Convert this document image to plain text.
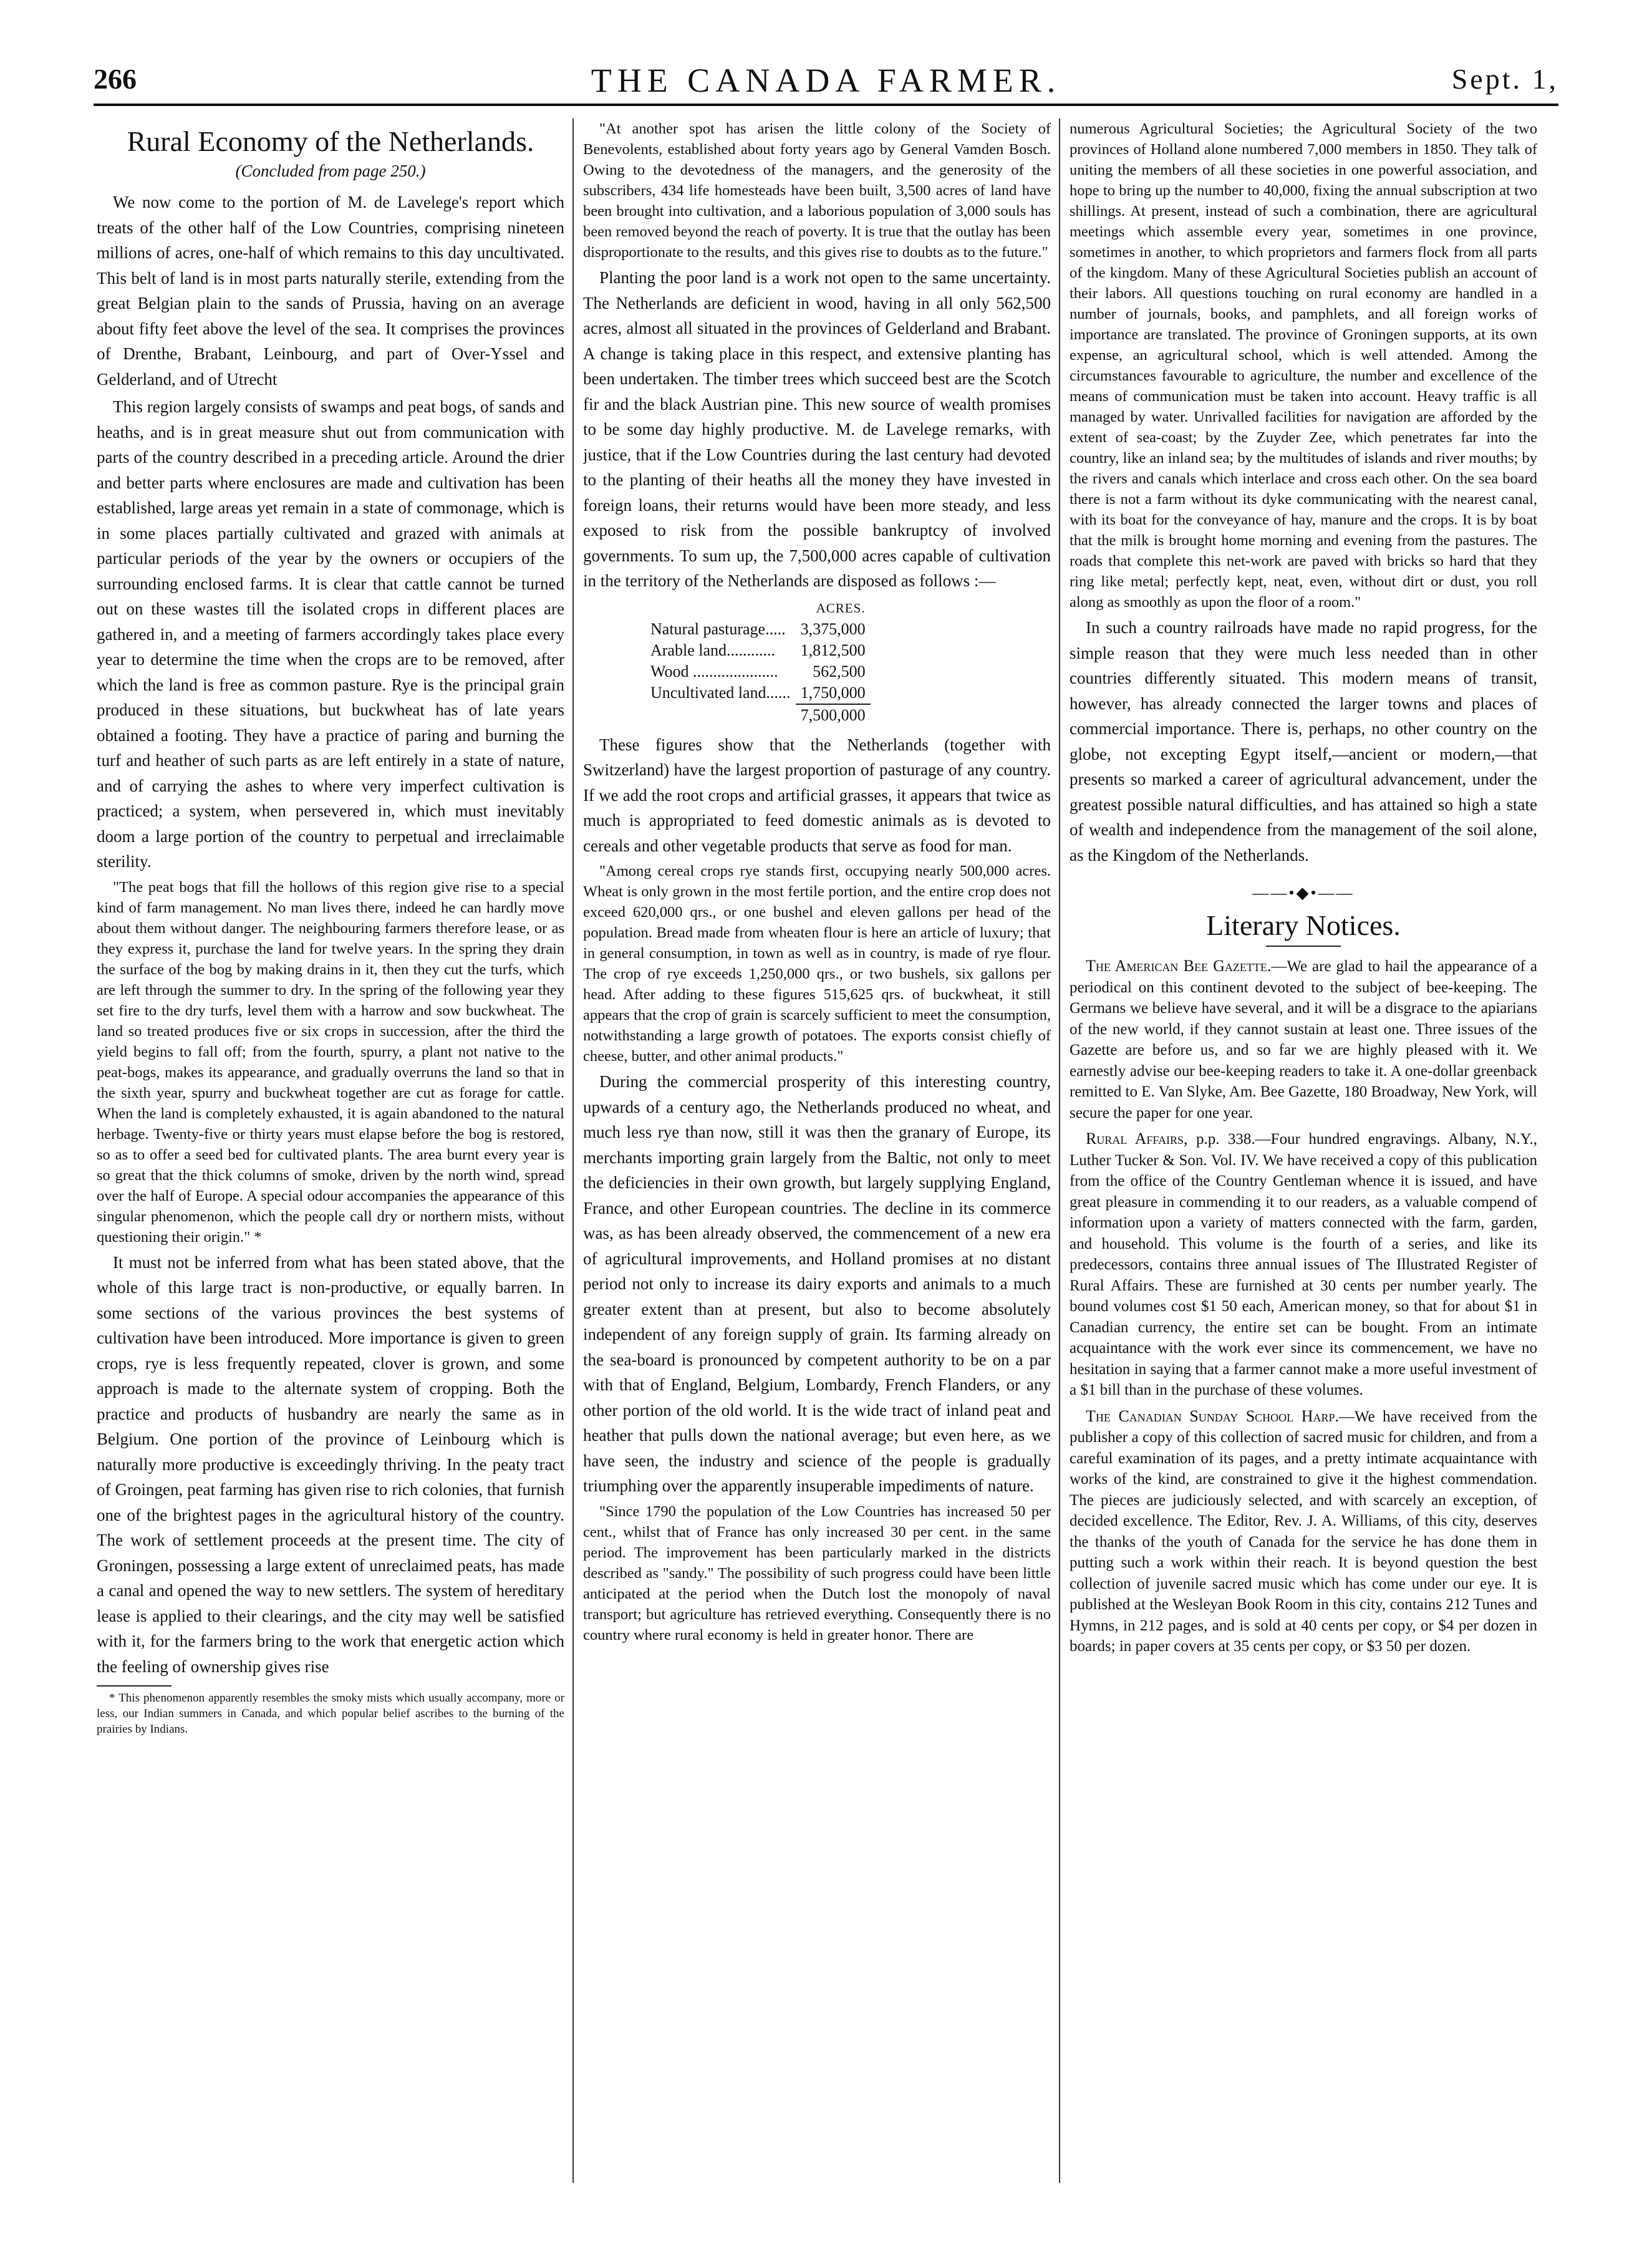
266	THE CANADA FARMER.	Sept. 1,
Rural Economy of the Netherlands.
(Concluded from page 250.)

We now come to the portion of M. de Lavelege's report which treats of the other half of the Low Countries, comprising nineteen millions of acres, one-half of which remains to this day uncultivated. This belt of land is in most parts naturally sterile, extending from the great Belgian plain to the sands of Prussia, having on an average about fifty feet above the level of the sea. It comprises the provinces of Drenthe, Brabant, Leinbourg, and part of Over-Yssel and Gelderland, and of Utrecht

This region largely consists of swamps and peat bogs, of sands and heaths, and is in great measure shut out from communication with parts of the country described in a preceding article. Around the drier and better parts where enclosures are made and cultivation has been established, large areas yet remain in a state of commonage, which is in some places partially cultivated and grazed with animals at particular periods of the year by the owners or occupiers of the surrounding enclosed farms. It is clear that cattle cannot be turned out on these wastes till the isolated crops in different places are gathered in, and a meeting of farmers accordingly takes place every year to determine the time when the crops are to be removed, after which the land is free as common pasture. Rye is the principal grain produced in these situations, but buckwheat has of late years obtained a footing. They have a practice of paring and burning the turf and heather of such parts as are left entirely in a state of nature, and of carrying the ashes to where very imperfect cultivation is practiced; a system, when persevered in, which must inevitably doom a large portion of the country to perpetual and irreclaimable sterility.

"The peat bogs that fill the hollows of this region give rise to a special kind of farm management. No man lives there, indeed he can hardly move about them without danger. The neighbouring farmers therefore lease, or as they express it, purchase the land for twelve years. In the spring they drain the surface of the bog by making drains in it, then they cut the turfs, which are left through the summer to dry. In the spring of the following year they set fire to the dry turfs, level them with a harrow and sow buckwheat. The land so treated produces five or six crops in succession, after the third the yield begins to fall off; from the fourth, spurry, a plant not native to the peat-bogs, makes its appearance, and gradually overruns the land so that in the sixth year, spurry and buckwheat together are cut as forage for cattle. When the land is completely exhausted, it is again abandoned to the natural herbage. Twenty-five or thirty years must elapse before the bog is restored, so as to offer a seed bed for cultivated plants. The area burnt every year is so great that the thick columns of smoke, driven by the north wind, spread over the half of Europe. A special odour accompanies the appearance of this singular phenomenon, which the people call dry or northern mists, without questioning their origin." *

It must not be inferred from what has been stated above, that the whole of this large tract is non-productive, or equally barren. In some sections of the various provinces the best systems of cultivation have been introduced. More importance is given to green crops, rye is less frequently repeated, clover is grown, and some approach is made to the alternate system of cropping. Both the practice and products of husbandry are nearly the same as in Belgium. One portion of the province of Leinbourg which is naturally more productive is exceedingly thriving. In the peaty tract of Groingen, peat farming has given rise to rich colonies, that furnish one of the brightest pages in the agricultural history of the country. The work of settlement proceeds at the present time. The city of Groningen, possessing a large extent of unreclaimed peats, has made a canal and opened the way to new settlers. The system of hereditary lease is applied to their clearings, and the city may well be satisfied with it, for the farmers bring to the work that energetic action which the feeling of ownership gives rise

* This phenomenon apparently resembles the smoky mists which usually accompany, more or less, our Indian summers in Canada, and which popular belief ascribes to the burning of the prairies by Indians.

"At another spot has arisen the little colony of the Society of Benevolents, established about forty years ago by General Vamden Bosch. Owing to the devotedness of the managers, and the generosity of the subscribers, 434 life homesteads have been built, 3,500 acres of land have been brought into cultivation, and a laborious population of 3,000 souls has been removed beyond the reach of poverty. It is true that the outlay has been disproportionate to the results, and this gives rise to doubts as to the future."

Planting the poor land is a work not open to the same uncertainty. The Netherlands are deficient in wood, having in all only 562,500 acres, almost all situated in the provinces of Gelderland and Brabant. A change is taking place in this respect, and extensive planting has been undertaken. The timber trees which succeed best are the Scotch fir and the black Austrian pine. This new source of wealth promises to be some day highly productive. M. de Lavelege remarks, with justice, that if the Low Countries during the last century had devoted to the planting of their heaths all the money they have invested in foreign loans, their returns would have been more steady, and less exposed to risk from the possible bankruptcy of involved governments. To sum up, the 7,500,000 acres capable of cultivation in the territory of the Netherlands are disposed as follows :—

	ACRES.
Natural pasturage.....	3,375,000
Arable land............	1,812,500
Wood .....................	562,500
Uncultivated land......	1,750,000
	7,500,000

These figures show that the Netherlands (together with Switzerland) have the largest proportion of pasturage of any country. If we add the root crops and artificial grasses, it appears that twice as much is appropriated to feed domestic animals as is devoted to cereals and other vegetable products that serve as food for man.

"Among cereal crops rye stands first, occupying nearly 500,000 acres. Wheat is only grown in the most fertile portion, and the entire crop does not exceed 620,000 qrs., or one bushel and eleven gallons per head of the population. Bread made from wheaten flour is here an article of luxury; that in general consumption, in town as well as in country, is made of rye flour. The crop of rye exceeds 1,250,000 qrs., or two bushels, six gallons per head. After adding to these figures 515,625 qrs. of buckwheat, it still appears that the crop of grain is scarcely sufficient to meet the consumption, notwithstanding a large growth of potatoes. The exports consist chiefly of cheese, butter, and other animal products."

During the commercial prosperity of this interesting country, upwards of a century ago, the Netherlands produced no wheat, and much less rye than now, still it was then the granary of Europe, its merchants importing grain largely from the Baltic, not only to meet the deficiencies in their own growth, but largely supplying England, France, and other European countries. The decline in its commerce was, as has been already observed, the commencement of a new era of agricultural improvements, and Holland promises at no distant period not only to increase its dairy exports and animals to a much greater extent than at present, but also to become absolutely independent of any foreign supply of grain. Its farming already on the sea-board is pronounced by competent authority to be on a par with that of England, Belgium, Lombardy, French Flanders, or any other portion of the old world. It is the wide tract of inland peat and heather that pulls down the national average; but even here, as we have seen, the industry and science of the people is gradually triumphing over the apparently insuperable impediments of nature.

"Since 1790 the population of the Low Countries has increased 50 per cent., whilst that of France has only increased 30 per cent. in the same period. The improvement has been particularly marked in the districts described as "sandy." The possibility of such progress could have been little anticipated at the period when the Dutch lost the monopoly of naval transport; but agriculture has retrieved everything. Consequently there is no country where rural economy is held in greater honor. There are

numerous Agricultural Societies; the Agricultural Society of the two provinces of Holland alone numbered 7,000 members in 1850. They talk of uniting the members of all these societies in one powerful association, and hope to bring up the number to 40,000, fixing the annual subscription at two shillings. At present, instead of such a combination, there are agricultural meetings which assemble every year, sometimes in one province, sometimes in another, to which proprietors and farmers flock from all parts of the kingdom. Many of these Agricultural Societies publish an account of their labors. All questions touching on rural economy are handled in a number of journals, books, and pamphlets, and all foreign works of importance are translated. The province of Groningen supports, at its own expense, an agricultural school, which is well attended. Among the circumstances favourable to agriculture, the number and excellence of the means of communication must be taken into account. Heavy traffic is all managed by water. Unrivalled facilities for navigation are afforded by the extent of sea-coast; by the Zuyder Zee, which penetrates far into the country, like an inland sea; by the multitudes of islands and river mouths; by the rivers and canals which interlace and cross each other. On the sea board there is not a farm without its dyke communicating with the nearest canal, with its boat for the conveyance of hay, manure and the crops. It is by boat that the milk is brought home morning and evening from the pastures. The roads that complete this net-work are paved with bricks so hard that they ring like metal; perfectly kept, neat, even, without dirt or dust, you roll along as smoothly as upon the floor of a room."

In such a country railroads have made no rapid progress, for the simple reason that they were much less needed than in other countries differently situated. This modern means of transit, however, has already connected the larger towns and places of commercial importance. There is, perhaps, no other country on the globe, not excepting Egypt itself,—ancient or modern,—that presents so marked a career of agricultural advancement, under the greatest possible natural difficulties, and has attained so high a state of wealth and independence from the management of the soil alone, as the Kingdom of the Netherlands.

——•◆•——
Literary Notices.

The American Bee Gazette.—We are glad to hail the appearance of a periodical on this continent devoted to the subject of bee-keeping. The Germans we believe have several, and it will be a disgrace to the apiarians of the new world, if they cannot sustain at least one. Three issues of the Gazette are before us, and so far we are highly pleased with it. We earnestly advise our bee-keeping readers to take it. A one-dollar greenback remitted to E. Van Slyke, Am. Bee Gazette, 180 Broadway, New York, will secure the paper for one year.

Rural Affairs, p.p. 338.—Four hundred engravings. Albany, N.Y., Luther Tucker & Son. Vol. IV. We have received a copy of this publication from the office of the Country Gentleman whence it is issued, and have great pleasure in commending it to our readers, as a valuable compend of information upon a variety of matters connected with the farm, garden, and household. This volume is the fourth of a series, and like its predecessors, contains three annual issues of The Illustrated Register of Rural Affairs. These are furnished at 30 cents per number yearly. The bound volumes cost $1 50 each, American money, so that for about $1 in Canadian currency, the entire set can be bought. From an intimate acquaintance with the work ever since its commencement, we have no hesitation in saying that a farmer cannot make a more useful investment of a $1 bill than in the purchase of these volumes.

The Canadian Sunday School Harp.—We have received from the publisher a copy of this collection of sacred music for children, and from a careful examination of its pages, and a pretty intimate acquaintance with works of the kind, are constrained to give it the highest commendation. The pieces are judiciously selected, and with scarcely an exception, of decided excellence. The Editor, Rev. J. A. Williams, of this city, deserves the thanks of the youth of Canada for the service he has done them in putting such a work within their reach. It is beyond question the best collection of juvenile sacred music which has come under our eye. It is published at the Wesleyan Book Room in this city, contains 212 Tunes and Hymns, in 212 pages, and is sold at 40 cents per copy, or $4 per dozen in boards; in paper covers at 35 cents per copy, or $3 50 per dozen.
